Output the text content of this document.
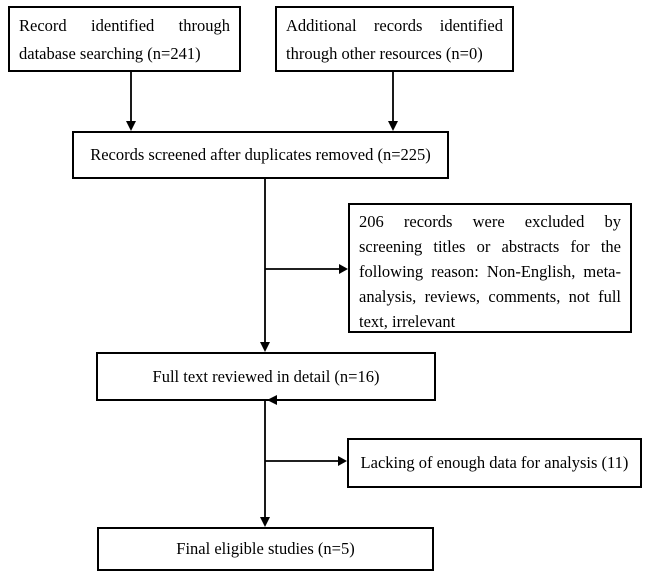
Record identified through database searching (n=241)
Additional records identified through other resources (n=0)
Records screened after duplicates removed (n=225)
206 records were excluded by screening titles or abstracts for the following reason: Non-English, meta-analysis, reviews, comments, not full text, irrelevant
Full text reviewed in detail (n=16)
Lacking of enough data for analysis (11)
Final eligible studies (n=5)
